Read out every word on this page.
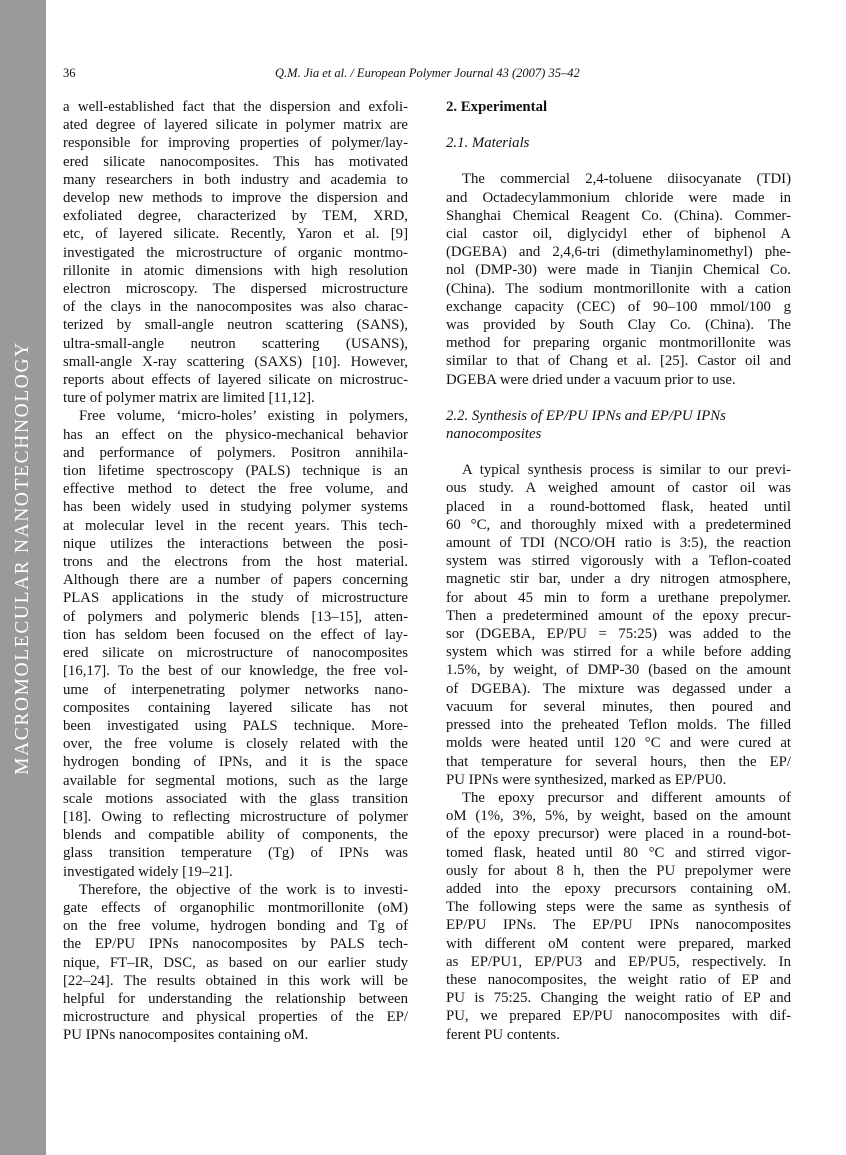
MACROMOLECULAR NANOTECHNOLOGY
36	Q.M. Jia et al. / European Polymer Journal 43 (2007) 35–42
a well-established fact that the dispersion and exfoli-
ated degree of layered silicate in polymer matrix are
responsible for improving properties of polymer/lay-
ered silicate nanocomposites. This has motivated
many researchers in both industry and academia to
develop new methods to improve the dispersion and
exfoliated degree, characterized by TEM, XRD,
etc, of layered silicate. Recently, Yaron et al. [9]
investigated the microstructure of organic montmo-
rillonite in atomic dimensions with high resolution
electron microscopy. The dispersed microstructure
of the clays in the nanocomposites was also charac-
terized by small-angle neutron scattering (SANS),
ultra-small-angle neutron scattering (USANS),
small-angle X-ray scattering (SAXS) [10]. However,
reports about effects of layered silicate on microstruc-
ture of polymer matrix are limited [11,12].
Free volume, ‘micro-holes’ existing in polymers,
has an effect on the physico-mechanical behavior
and performance of polymers. Positron annihila-
tion lifetime spectroscopy (PALS) technique is an
effective method to detect the free volume, and
has been widely used in studying polymer systems
at molecular level in the recent years. This tech-
nique utilizes the interactions between the posi-
trons and the electrons from the host material.
Although there are a number of papers concerning
PLAS applications in the study of microstructure
of polymers and polymeric blends [13–15], atten-
tion has seldom been focused on the effect of lay-
ered silicate on microstructure of nanocomposites
[16,17]. To the best of our knowledge, the free vol-
ume of interpenetrating polymer networks nano-
composites containing layered silicate has not
been investigated using PALS technique. More-
over, the free volume is closely related with the
hydrogen bonding of IPNs, and it is the space
available for segmental motions, such as the large
scale motions associated with the glass transition
[18]. Owing to reflecting microstructure of polymer
blends and compatible ability of components, the
glass transition temperature (Tg) of IPNs was
investigated widely [19–21].
Therefore, the objective of the work is to investi-
gate effects of organophilic montmorillonite (oM)
on the free volume, hydrogen bonding and Tg of
the EP/PU IPNs nanocomposites by PALS tech-
nique, FT–IR, DSC, as based on our earlier study
[22–24]. The results obtained in this work will be
helpful for understanding the relationship between
microstructure and physical properties of the EP/
PU IPNs nanocomposites containing oM.
2. Experimental
2.1. Materials
The commercial 2,4-toluene diisocyanate (TDI)
and Octadecylammonium chloride were made in
Shanghai Chemical Reagent Co. (China). Commer-
cial castor oil, diglycidyl ether of biphenol A
(DGEBA) and 2,4,6-tri (dimethylaminomethyl) phe-
nol (DMP-30) were made in Tianjin Chemical Co.
(China). The sodium montmorillonite with a cation
exchange capacity (CEC) of 90–100 mmol/100 g
was provided by South Clay Co. (China). The
method for preparing organic montmorillonite was
similar to that of Chang et al. [25]. Castor oil and
DGEBA were dried under a vacuum prior to use.
2.2. Synthesis of EP/PU IPNs and EP/PU IPNs
nanocomposites
A typical synthesis process is similar to our previ-
ous study. A weighed amount of castor oil was
placed in a round-bottomed flask, heated until
60 °C, and thoroughly mixed with a predetermined
amount of TDI (NCO/OH ratio is 3:5), the reaction
system was stirred vigorously with a Teflon-coated
magnetic stir bar, under a dry nitrogen atmosphere,
for about 45 min to form a urethane prepolymer.
Then a predetermined amount of the epoxy precur-
sor (DGEBA, EP/PU = 75:25) was added to the
system which was stirred for a while before adding
1.5%, by weight, of DMP-30 (based on the amount
of DGEBA). The mixture was degassed under a
vacuum for several minutes, then poured and
pressed into the preheated Teflon molds. The filled
molds were heated until 120 °C and were cured at
that temperature for several hours, then the EP/
PU IPNs were synthesized, marked as EP/PU0.
The epoxy precursor and different amounts of
oM (1%, 3%, 5%, by weight, based on the amount
of the epoxy precursor) were placed in a round-bot-
tomed flask, heated until 80 °C and stirred vigor-
ously for about 8 h, then the PU prepolymer were
added into the epoxy precursors containing oM.
The following steps were the same as synthesis of
EP/PU IPNs. The EP/PU IPNs nanocomposites
with different oM content were prepared, marked
as EP/PU1, EP/PU3 and EP/PU5, respectively. In
these nanocomposites, the weight ratio of EP and
PU is 75:25. Changing the weight ratio of EP and
PU, we prepared EP/PU nanocomposites with dif-
ferent PU contents.
